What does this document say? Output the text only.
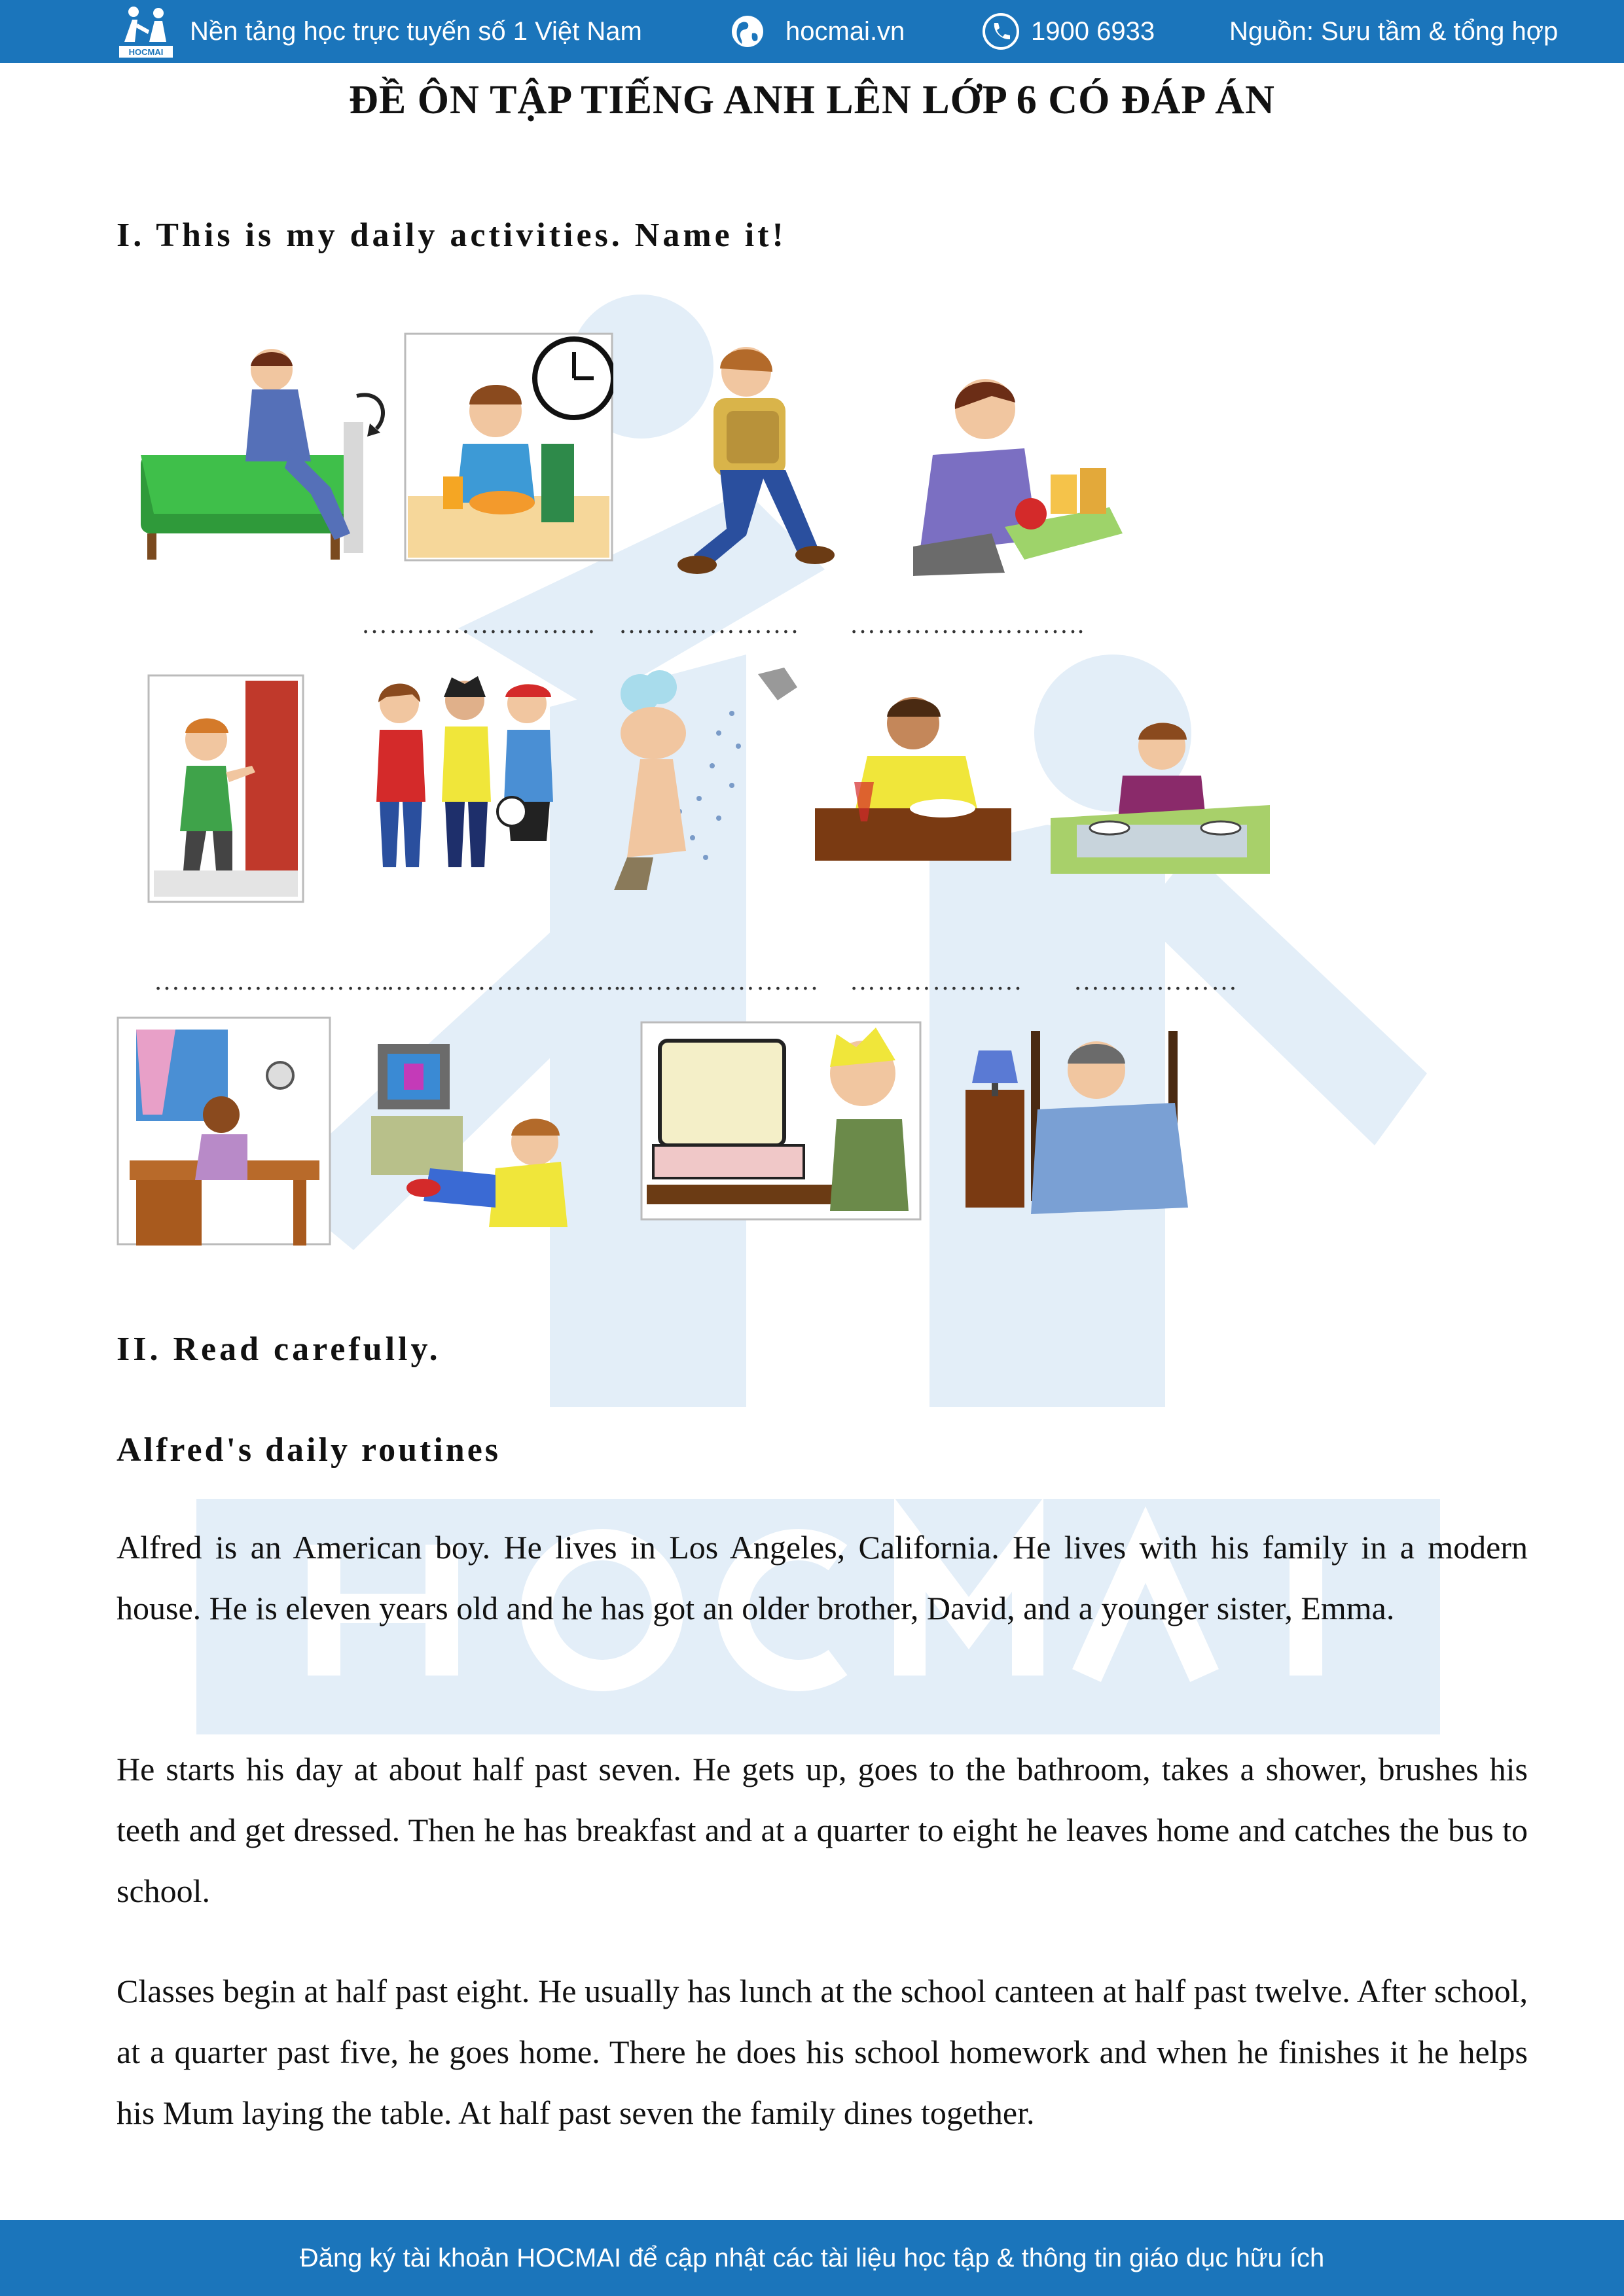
HOCMAI
Nền tảng học trực tuyến số 1 Việt Nam	hocmai.vn	1900 6933	Nguồn: Sưu tầm & tổng hợp
ĐỀ ÔN TẬP TIẾNG ANH LÊN LỚP 6 CÓ ĐÁP ÁN
I. This is my daily activities. Name it!
……………..……… ….……………. ……………………..
……………………..
……………………..
…………………. ………………. ………………
II. Read carefully.
Alfred's daily routines

Alfred is an American boy. He lives in Los Angeles, California. He lives with his family in a modern house. He is eleven years old and he has got an older brother, David, and a younger sister, Emma.

He starts his day at about half past seven. He gets up, goes to the bathroom, takes a shower, brushes his teeth and get dressed. Then he has breakfast and at a quarter to eight he leaves home and catches the bus to school.

Classes begin at half past eight. He usually has lunch at the school canteen at half past twelve. After school, at a quarter past five, he goes home. There he does his school homework and when he finishes it he helps his Mum laying the table. At half past seven the family dines together.

Đăng ký tài khoản HOCMAI để cập nhật các tài liệu học tập & thông tin giáo dục hữu ích
